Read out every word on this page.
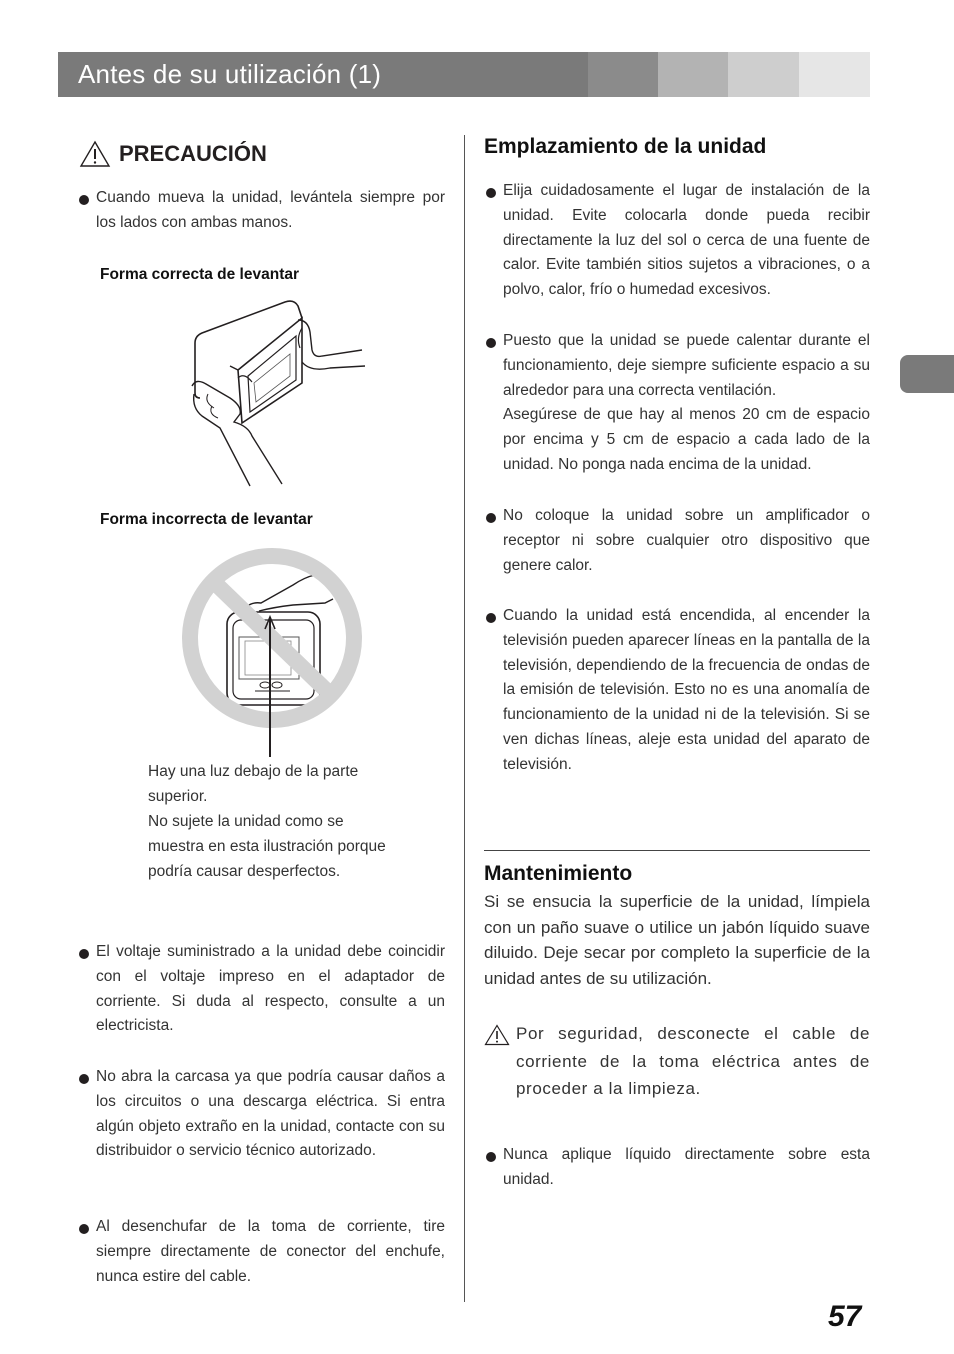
Antes de su utilización (1)
PRECAUCIÓN
Cuando mueva la unidad, levántela siempre por los lados con ambas manos.
Forma correcta de levantar
Forma incorrecta de levantar
Hay una luz debajo de la parte
superior.
No sujete la unidad como se
muestra en esta ilustración porque
podría causar desperfectos.
El voltaje suministrado a la unidad debe coincidir con el voltaje impreso en el adaptador de corriente. Si duda al respecto, consulte a un electricista.
No abra la carcasa ya que podría causar daños a los circuitos o una descarga eléctrica. Si entra algún objeto extraño en la unidad, contacte con su distribuidor o servicio técnico autorizado.
Al desenchufar de la toma de corriente, tire siempre directamente de conector del enchufe, nunca estire del cable.
Emplazamiento de la unidad
Elija cuidadosamente el lugar de instalación de la unidad. Evite colocarla donde pueda recibir directamente la luz del sol o cerca de una fuente de calor. Evite también sitios sujetos a vibraciones, o a polvo, calor, frío o humedad excesivos.
Puesto que la unidad se puede calentar durante el funcionamiento, deje siempre suficiente espacio a su alrededor para una correcta ventilación.
Asegúrese de que hay al menos 20 cm de espacio por encima y 5 cm de espacio a cada lado de la unidad. No ponga nada encima de la unidad.
No coloque la unidad sobre un amplificador o receptor ni sobre cualquier otro dispositivo que genere calor.
Cuando la unidad está encendida, al encender la televisión pueden aparecer líneas en la pantalla de la televisión, dependiendo de la frecuencia de ondas de la emisión de televisión. Esto no es una anomalía de funcionamiento de la unidad ni de la televisión. Si se ven dichas líneas, aleje esta unidad del aparato de televisión.
Mantenimiento
Si se ensucia la superficie de la unidad, límpiela con un paño suave o utilice un jabón líquido suave diluido. Deje secar por completo la superficie de la unidad antes de su utilización.
Por seguridad, desconecte el cable de corriente de la toma eléctrica antes de proceder a la limpieza.
Nunca aplique líquido directamente sobre esta unidad.
57
